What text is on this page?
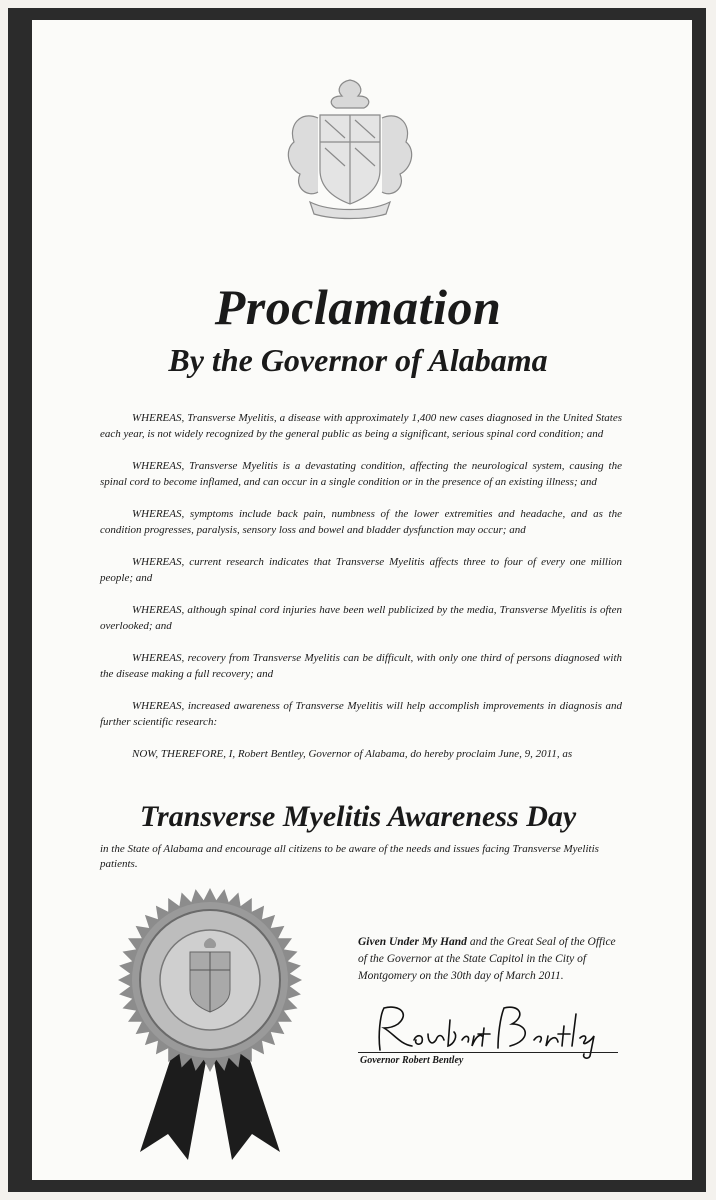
Proclamation
By the Governor of Alabama

WHEREAS, Transverse Myelitis, a disease with approximately 1,400 new cases diagnosed in the United States each year, is not widely recognized by the general public as being a significant, serious spinal cord condition; and

WHEREAS, Transverse Myelitis is a devastating condition, affecting the neurological system, causing the spinal cord to become inflamed, and can occur in a single condition or in the presence of an existing illness; and

WHEREAS, symptoms include back pain, numbness of the lower extremities and headache, and as the condition progresses, paralysis, sensory loss and bowel and bladder dysfunction may occur; and

WHEREAS, current research indicates that Transverse Myelitis affects three to four of every one million people; and

WHEREAS, although spinal cord injuries have been well publicized by the media, Transverse Myelitis is often overlooked; and

WHEREAS, recovery from Transverse Myelitis can be difficult, with only one third of persons diagnosed with the disease making a full recovery; and

WHEREAS, increased awareness of Transverse Myelitis will help accomplish improvements in diagnosis and further scientific research:

NOW, THEREFORE, I, Robert Bentley, Governor of Alabama, do hereby proclaim June, 9, 2011, as

Transverse Myelitis Awareness Day
in the State of Alabama and encourage all citizens to be aware of the needs and issues facing Transverse Myelitis patients.
Given Under My Hand and the Great Seal of the Office of the Governor at the State Capitol in the City of Montgomery on the 30th day of March 2011.
Governor Robert Bentley
